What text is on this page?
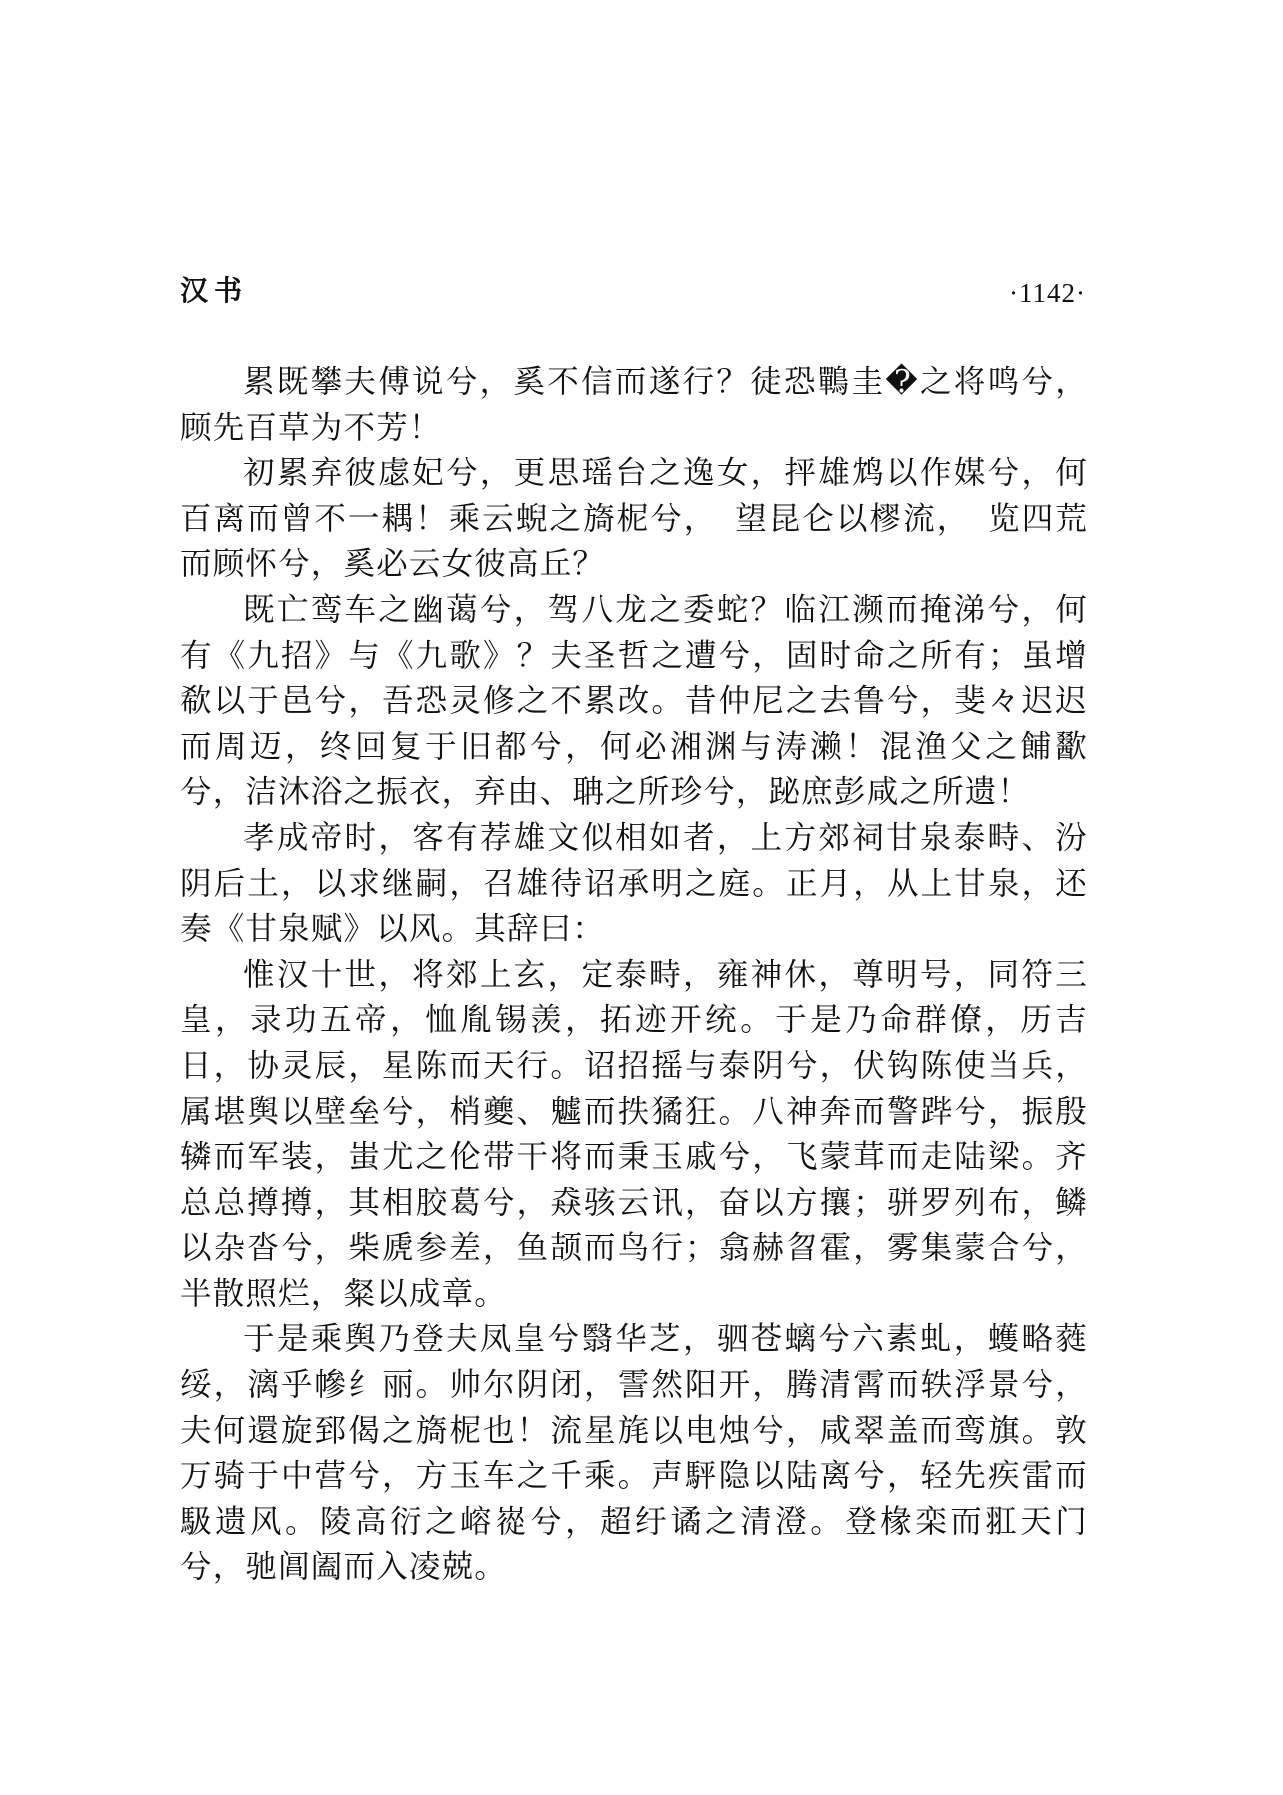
汉书	·1142·

累既攀夫傅说兮，奚不信而遂行？徒恐鷤圭�之将鸣兮，顾先百草为不芳！

初累弃彼虙妃兮，更思瑶台之逸女，抨雄鸩以作媒兮，何百离而曾不一耦！乘云蜺之旖柅兮，　望昆仑以樛流，　览四荒而顾怀兮，奚必云女彼高丘？

既亡鸾车之幽蔼兮，驾八龙之委蛇？临江濒而掩涕兮，何有《九招》与《九歌》？夫圣哲之遭兮，固时命之所有；虽增欷以于邑兮，吾恐灵修之不累改。昔仲尼之去鲁兮，斐々迟迟而周迈，终回复于旧都兮，何必湘渊与涛濑！混渔父之餔歠兮，洁沐浴之振衣，弃由、聃之所珍兮，䟤庶彭咸之所遗！

孝成帝时，客有荐雄文似相如者，上方郊祠甘泉泰畤、汾阴后土，以求继嗣，召雄待诏承明之庭。正月，从上甘泉，还奏《甘泉赋》以风。其辞曰：

惟汉十世，将郊上玄，定泰畤，雍神休，尊明号，同符三皇，录功五帝，恤胤锡羡，拓迹开统。于是乃命群僚，历吉日，协灵辰，星陈而天行。诏招摇与泰阴兮，伏钩陈使当兵，属堪舆以壁垒兮，梢夔、魖而抶獝狂。八神奔而警跸兮，振殷辚而军装，蚩尤之伦带干将而秉玉戚兮，飞蒙茸而走陆梁。齐总总撙撙，其相胶葛兮，猋骇云讯，奋以方攘；骈罗列布，鳞以杂沓兮，柴虒参差，鱼颉而鸟行；翕赫曶霍，雾集蒙合兮，半散照烂，粲以成章。

于是乘舆乃登夫凤皇兮翳华芝，驷苍螭兮六素虬，蠖略蕤绥，漓乎幓纟丽。帅尔阴闭，霅然阳开，腾清霄而轶浮景兮，夫何還旋郅偈之旖柅也！流星旄以电烛兮，咸翠盖而鸾旗。敦万骑于中营兮，方玉车之千乘。声駍隐以陆离兮，轻先疾雷而馺遗风。陵高衍之嵱嵸兮，超纡谲之清澄。登椽栾而羾天门兮，驰阊阖而入凌兢。
